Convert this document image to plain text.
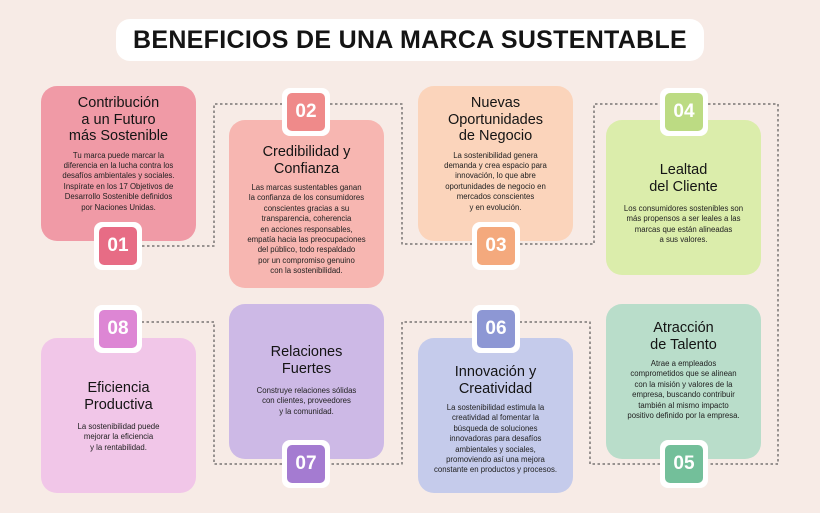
BENEFICIOS DE UNA MARCA SUSTENTABLE
Contribución
a un Futuro
más Sostenible

Tu marca puede marcar la
diferencia en la lucha contra los
desafíos ambientales y sociales.
Inspírate en los 17 Objetivos de
Desarrollo Sostenible definidos
por Naciones Unidas.

01
Credibilidad y
Confianza

Las marcas sustentables ganan
la confianza de los consumidores
conscientes gracias a su
transparencia, coherencia
en acciones responsables,
empatía hacia las preocupaciones
del público, todo respaldado
por un compromiso genuino
con la sostenibilidad.

02	Nuevas
Oportunidades
de Negocio

La sostenibilidad genera
demanda y crea espacio para
innovación, lo que abre
oportunidades de negocio en
mercados conscientes
y en evolución.

03
Lealtad
del Cliente

Los consumidores sostenibles son
más propensos a ser leales a las
marcas que están alineadas
a sus valores.

04
Atracción
de Talento

Atrae a empleados
comprometidos que se alinean
con la misión y valores de la
empresa, buscando contribuir
también al mismo impacto
positivo definido por la empresa.

05
Innovación y
Creatividad

La sostenibilidad estimula la
creatividad al fomentar la
búsqueda de soluciones
innovadoras para desafíos
ambientales y sociales,
promoviendo así una mejora
constante en productos y procesos.

06
Relaciones
Fuertes

Construye relaciones sólidas
con clientes, proveedores
y la comunidad.

07
Eficiencia
Productiva

La sostenibilidad puede
mejorar la eficiencia
y la rentabilidad.

08
